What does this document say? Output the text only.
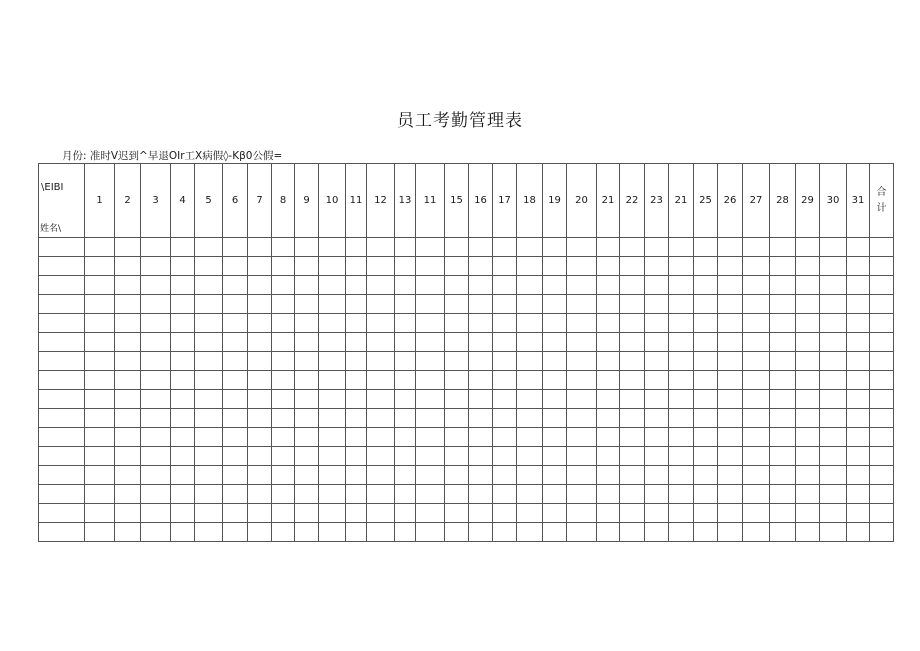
员工考勤管理表
月份: 准时V迟到^早退OIr工X病假◊-Kβ0公假=
\EIBI
姓名\	1	2	3	4	5	6	7	8	9	10	11	12	13	11	15	16	17	18	19	20	21	22	23	21	25	26	27	28	29	30	31	合计
